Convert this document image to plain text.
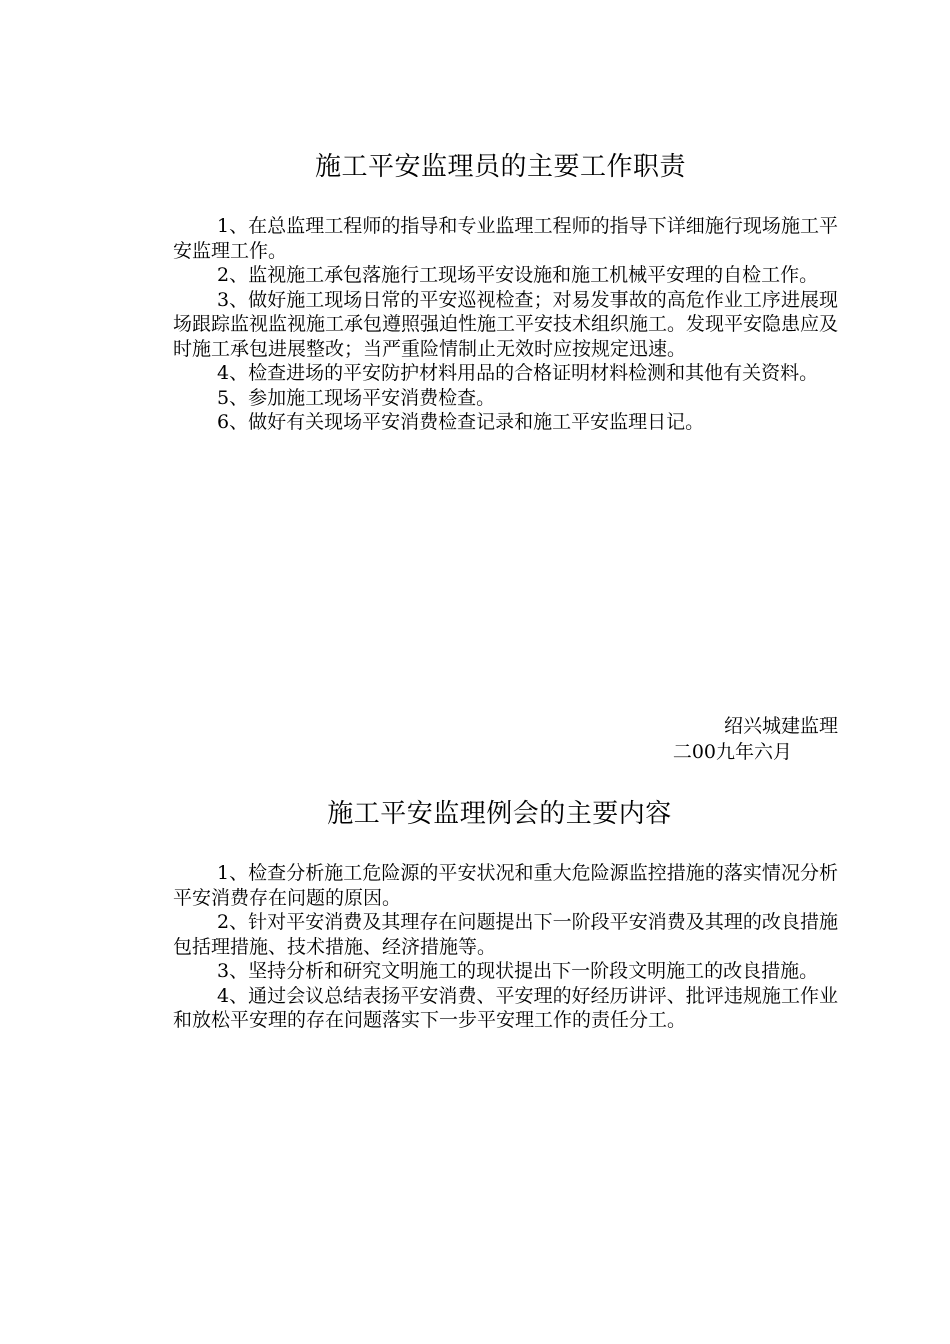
施工平安监理员的主要工作职责

1、在总监理工程师的指导和专业监理工程师的指导下详细施行现场施工平安监理工作。

2、监视施工承包落施行工现场平安设施和施工机械平安理的自检工作。

3、做好施工现场日常的平安巡视检查；对易发事故的高危作业工序进展现场跟踪监视监视施工承包遵照强迫性施工平安技术组织施工。发现平安隐患应及时施工承包进展整改；当严重险情制止无效时应按规定迅速。

4、检查进场的平安防护材料用品的合格证明材料检测和其他有关资料。

5、参加施工现场平安消费检查。

6、做好有关现场平安消费检查记录和施工平安监理日记。

绍兴城建监理
二00九年六月
施工平安监理例会的主要内容

1、检查分析施工危险源的平安状况和重大危险源监控措施的落实情况分析平安消费存在问题的原因。

2、针对平安消费及其理存在问题提出下一阶段平安消费及其理的改良措施包括理措施、技术措施、经济措施等。

3、坚持分析和研究文明施工的现状提出下一阶段文明施工的改良措施。

4、通过会议总结表扬平安消费、平安理的好经历讲评、批评违规施工作业和放松平安理的存在问题落实下一步平安理工作的责任分工。
